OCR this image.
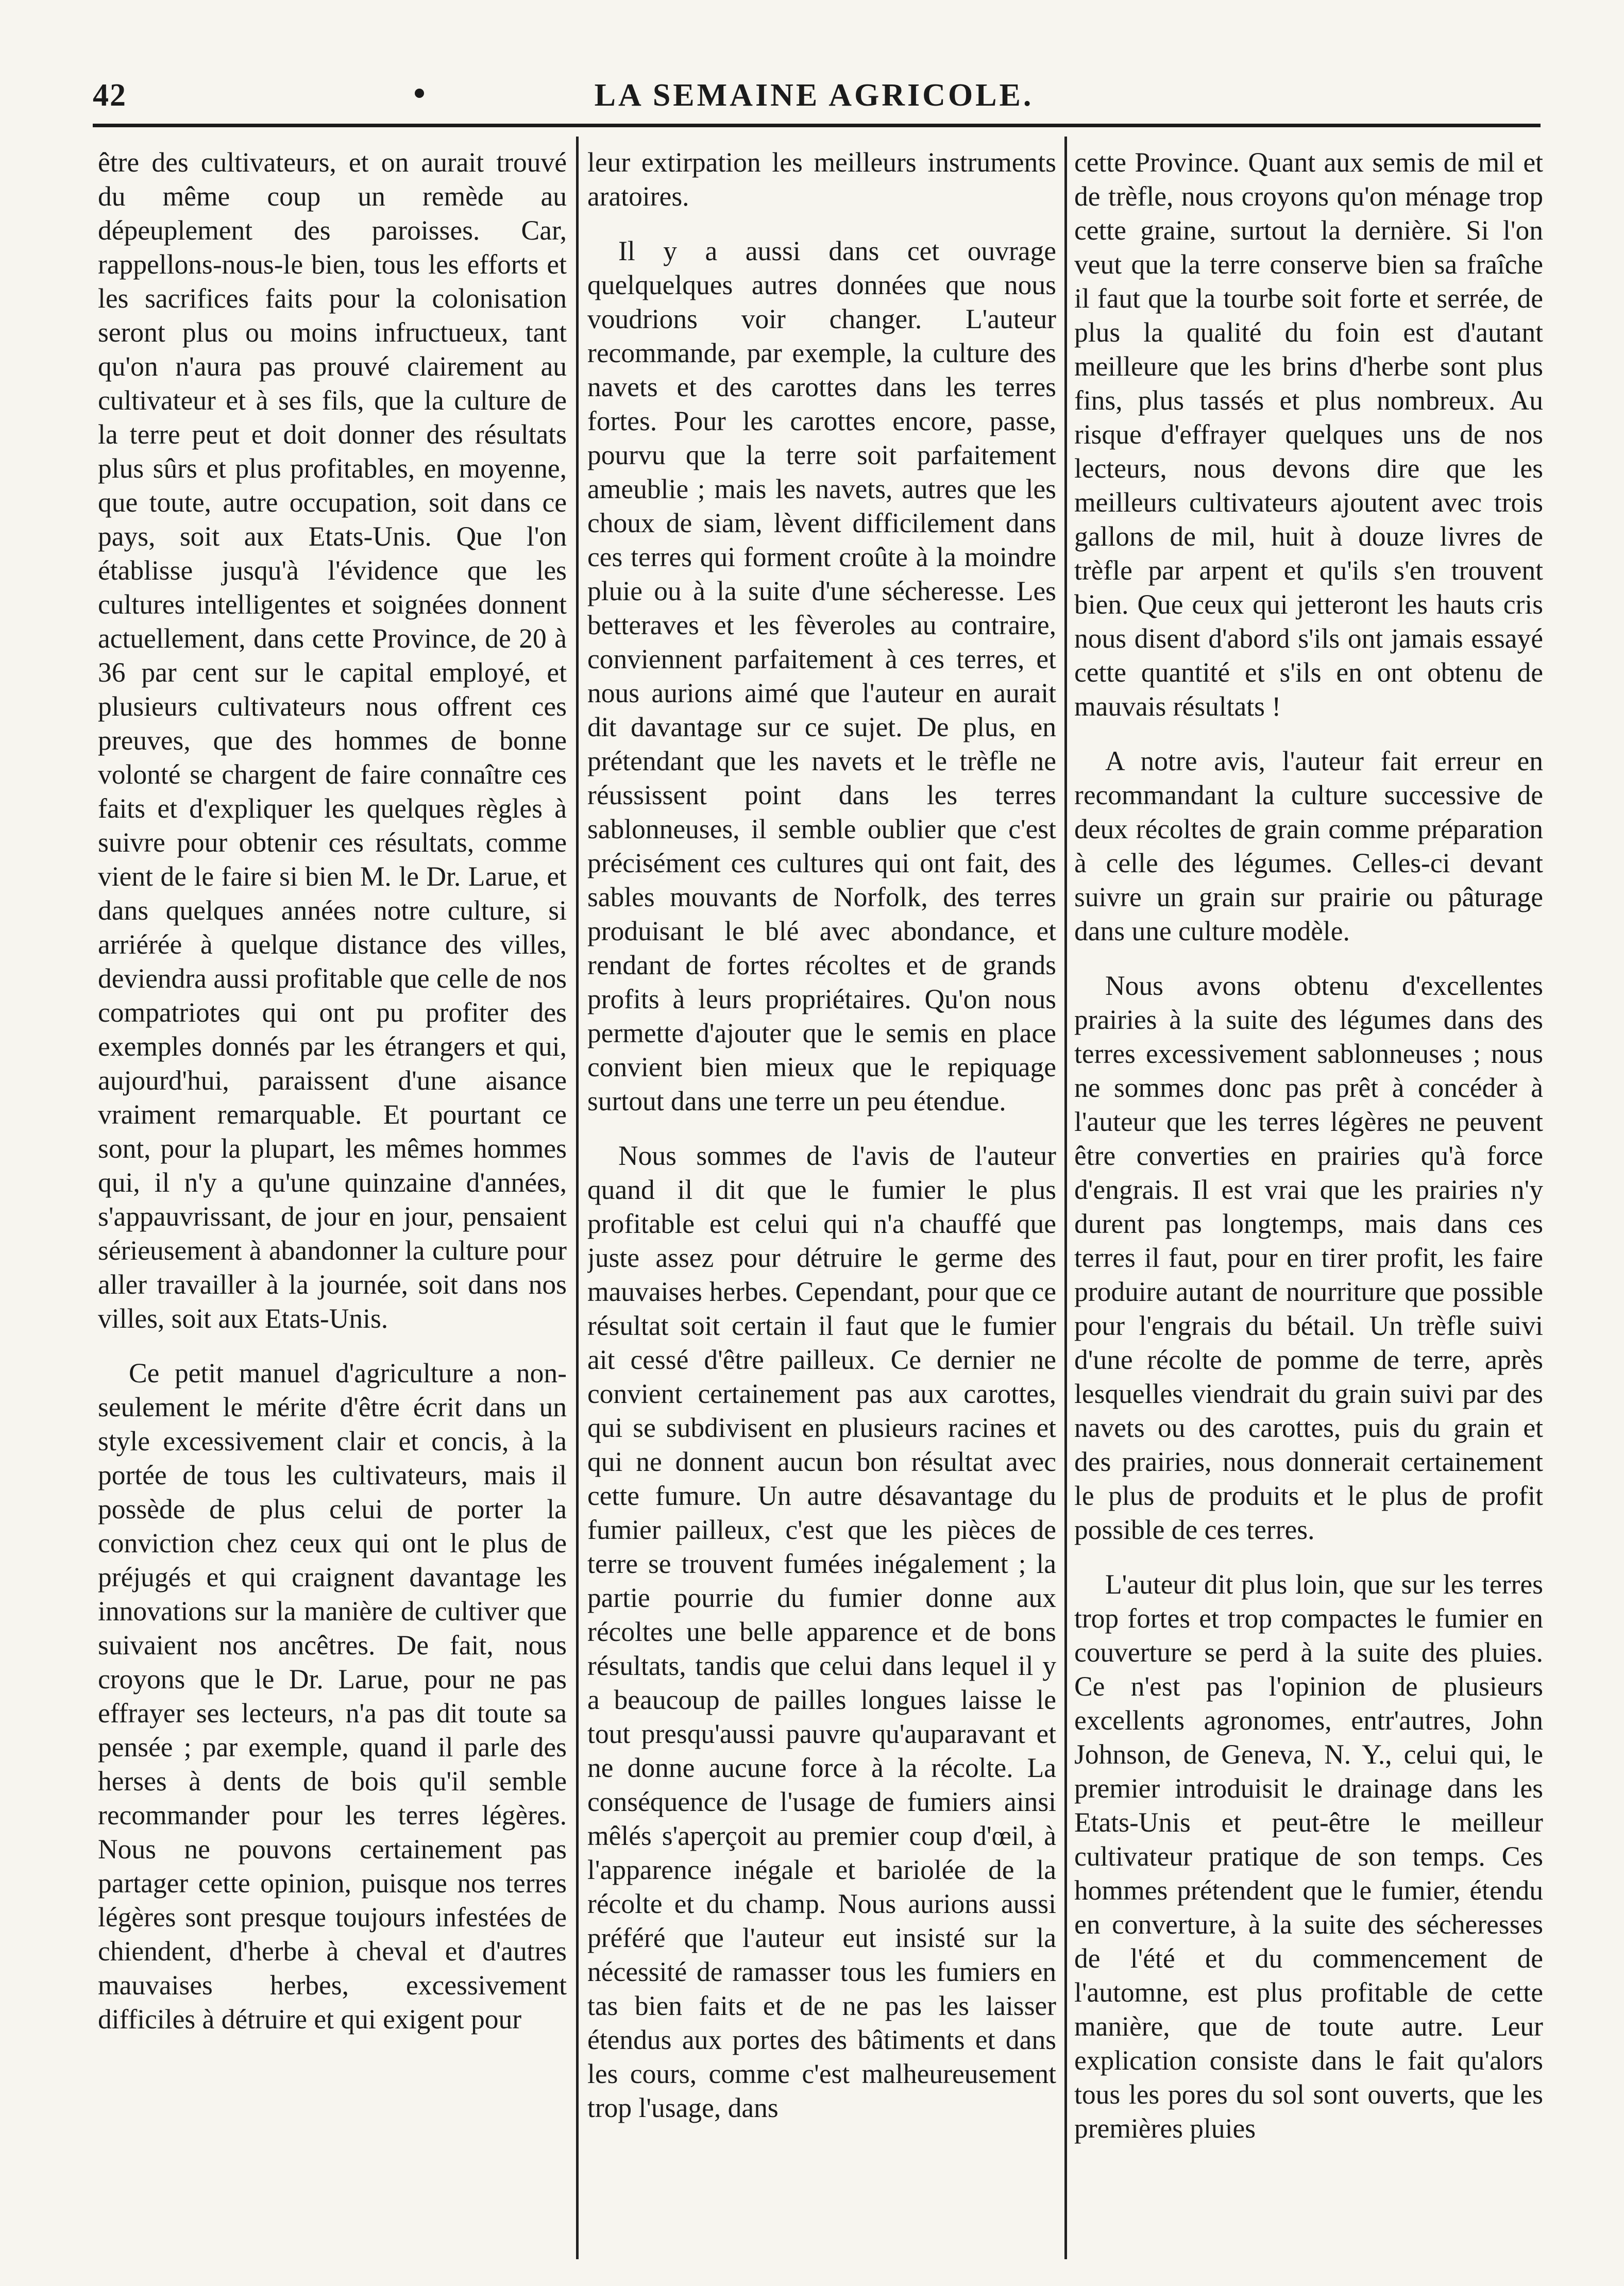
42	LA SEMAINE AGRICOLE.

être des cultivateurs, et on aurait trouvé du même coup un remède au dépeuplement des paroisses. Car, rappellons-nous-le bien, tous les efforts et les sacrifices faits pour la colonisation seront plus ou moins infructueux, tant qu'on n'aura pas prouvé clairement au cultivateur et à ses fils, que la culture de la terre peut et doit donner des résultats plus sûrs et plus profitables, en moyenne, que toute, autre occupation, soit dans ce pays, soit aux Etats-Unis. Que l'on établisse jusqu'à l'évidence que les cultures intelligentes et soignées donnent actuellement, dans cette Province, de 20 à 36 par cent sur le capital employé, et plusieurs cultivateurs nous offrent ces preuves, que des hommes de bonne volonté se chargent de faire connaître ces faits et d'expliquer les quelques règles à suivre pour obtenir ces résultats, comme vient de le faire si bien M. le Dr. Larue, et dans quelques années notre culture, si arriérée à quelque distance des villes, deviendra aussi profitable que celle de nos compatriotes qui ont pu profiter des exemples donnés par les étrangers et qui, aujourd'hui, paraissent d'une aisance vraiment remarquable. Et pourtant ce sont, pour la plupart, les mêmes hommes qui, il n'y a qu'une quinzaine d'années, s'appauvrissant, de jour en jour, pensaient sérieusement à abandonner la culture pour aller travailler à la journée, soit dans nos villes, soit aux Etats-Unis.

Ce petit manuel d'agriculture a non-seulement le mérite d'être écrit dans un style excessivement clair et concis, à la portée de tous les cultivateurs, mais il possède de plus celui de porter la conviction chez ceux qui ont le plus de préjugés et qui craignent davantage les innovations sur la manière de cultiver que suivaient nos ancêtres. De fait, nous croyons que le Dr. Larue, pour ne pas effrayer ses lecteurs, n'a pas dit toute sa pensée ; par exemple, quand il parle des herses à dents de bois qu'il semble recommander pour les terres légères. Nous ne pouvons certainement pas partager cette opinion, puisque nos terres légères sont presque toujours infestées de chiendent, d'herbe à cheval et d'autres mauvaises herbes, excessivement difficiles à détruire et qui exigent pour

leur extirpation les meilleurs instruments aratoires.

Il y a aussi dans cet ouvrage quelquelques autres données que nous voudrions voir changer. L'auteur recommande, par exemple, la culture des navets et des carottes dans les terres fortes. Pour les carottes encore, passe, pourvu que la terre soit parfaitement ameublie ; mais les navets, autres que les choux de siam, lèvent difficilement dans ces terres qui forment croûte à la moindre pluie ou à la suite d'une sécheresse. Les betteraves et les fèveroles au contraire, conviennent parfaitement à ces terres, et nous aurions aimé que l'auteur en aurait dit davantage sur ce sujet. De plus, en prétendant que les navets et le trèfle ne réussissent point dans les terres sablonneuses, il semble oublier que c'est précisément ces cultures qui ont fait, des sables mouvants de Norfolk, des terres produisant le blé avec abondance, et rendant de fortes récoltes et de grands profits à leurs propriétaires. Qu'on nous permette d'ajouter que le semis en place convient bien mieux que le repiquage surtout dans une terre un peu étendue.

Nous sommes de l'avis de l'auteur quand il dit que le fumier le plus profitable est celui qui n'a chauffé que juste assez pour détruire le germe des mauvaises herbes. Cependant, pour que ce résultat soit certain il faut que le fumier ait cessé d'être pailleux. Ce dernier ne convient certainement pas aux carottes, qui se subdivisent en plusieurs racines et qui ne donnent aucun bon résultat avec cette fumure. Un autre désavantage du fumier pailleux, c'est que les pièces de terre se trouvent fumées inégalement ; la partie pourrie du fumier donne aux récoltes une belle apparence et de bons résultats, tandis que celui dans lequel il y a beaucoup de pailles longues laisse le tout presqu'aussi pauvre qu'auparavant et ne donne aucune force à la récolte. La conséquence de l'usage de fumiers ainsi mêlés s'aperçoit au premier coup d'œil, à l'apparence inégale et bariolée de la récolte et du champ. Nous aurions aussi préféré que l'auteur eut insisté sur la nécessité de ramasser tous les fumiers en tas bien faits et de ne pas les laisser étendus aux portes des bâtiments et dans les cours, comme c'est malheureusement trop l'usage, dans

cette Province. Quant aux semis de mil et de trèfle, nous croyons qu'on ménage trop cette graine, surtout la dernière. Si l'on veut que la terre conserve bien sa fraîche il faut que la tourbe soit forte et serrée, de plus la qualité du foin est d'autant meilleure que les brins d'herbe sont plus fins, plus tassés et plus nombreux. Au risque d'effrayer quelques uns de nos lecteurs, nous devons dire que les meilleurs cultivateurs ajoutent avec trois gallons de mil, huit à douze livres de trèfle par arpent et qu'ils s'en trouvent bien. Que ceux qui jetteront les hauts cris nous disent d'abord s'ils ont jamais essayé cette quantité et s'ils en ont obtenu de mauvais résultats !

A notre avis, l'auteur fait erreur en recommandant la culture successive de deux récoltes de grain comme préparation à celle des légumes. Celles-ci devant suivre un grain sur prairie ou pâturage dans une culture modèle.

Nous avons obtenu d'excellentes prairies à la suite des légumes dans des terres excessivement sablonneuses ; nous ne sommes donc pas prêt à concéder à l'auteur que les terres légères ne peuvent être converties en prairies qu'à force d'engrais. Il est vrai que les prairies n'y durent pas longtemps, mais dans ces terres il faut, pour en tirer profit, les faire produire autant de nourriture que possible pour l'engrais du bétail. Un trèfle suivi d'une récolte de pomme de terre, après lesquelles viendrait du grain suivi par des navets ou des carottes, puis du grain et des prairies, nous donnerait certainement le plus de produits et le plus de profit possible de ces terres.

L'auteur dit plus loin, que sur les terres trop fortes et trop compactes le fumier en couverture se perd à la suite des pluies. Ce n'est pas l'opinion de plusieurs excellents agronomes, entr'autres, John Johnson, de Geneva, N. Y., celui qui, le premier introduisit le drainage dans les Etats-Unis et peut-être le meilleur cultivateur pratique de son temps. Ces hommes prétendent que le fumier, étendu en converture, à la suite des sécheresses de l'été et du commencement de l'automne, est plus profitable de cette manière, que de toute autre. Leur explication consiste dans le fait qu'alors tous les pores du sol sont ouverts, que les premières pluies
